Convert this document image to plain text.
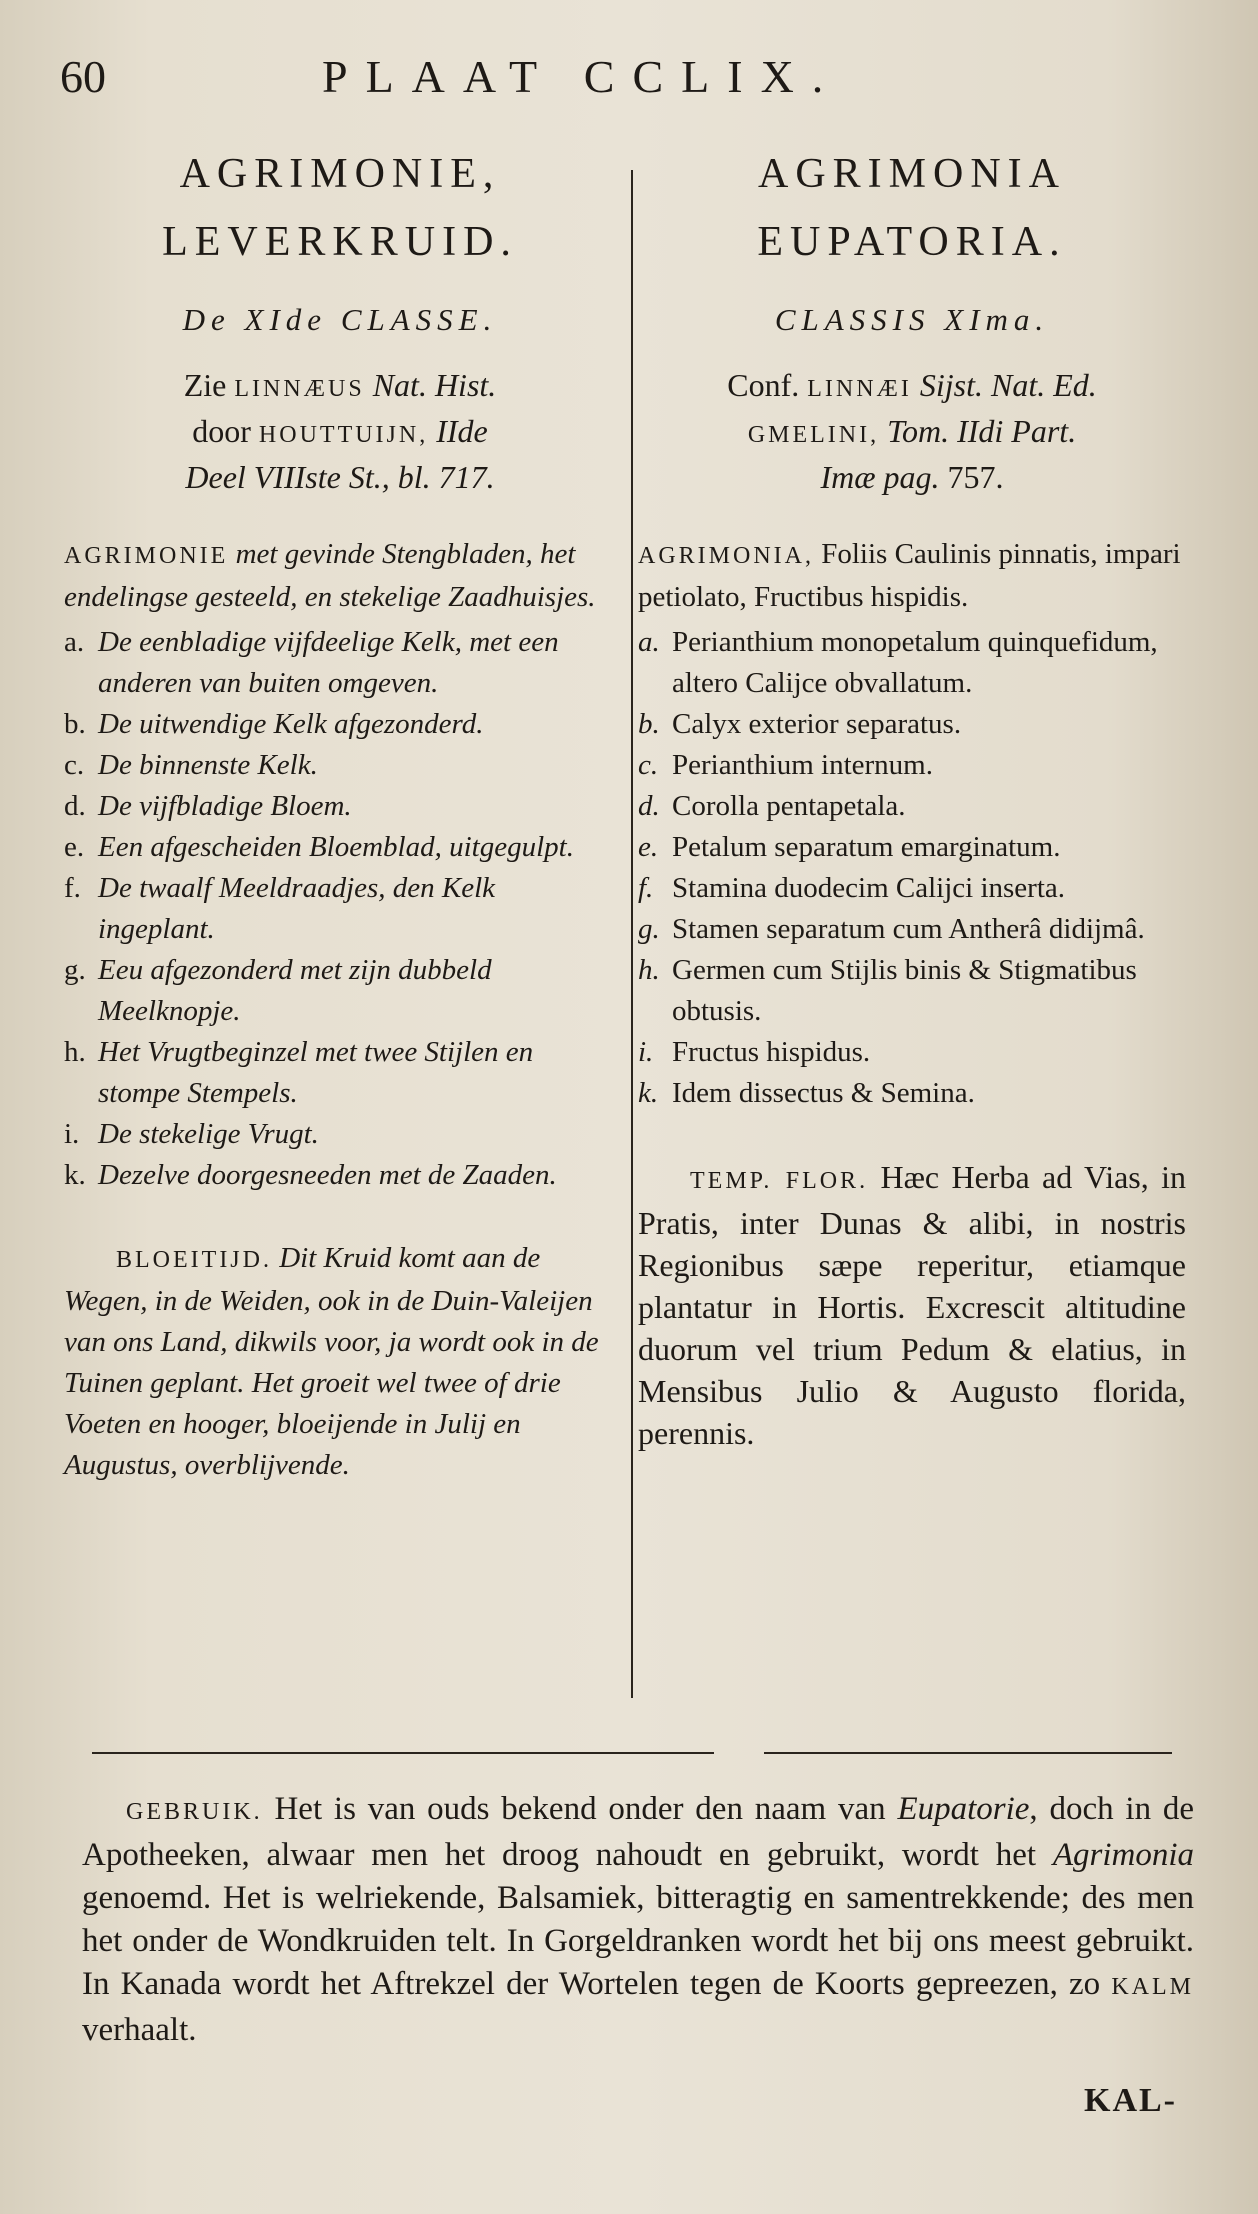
60	PLAAT CCLIX.
AGRIMONIE,
LEVERKRUID.
De XIde CLASSE.
Zie LINNÆUS Nat. Hist.
door HOUTTUIJN, IIde
Deel VIIIste St., bl. 717.
AGRIMONIE met gevinde Stengbladen, het endelingse gesteeld, en stekelige Zaadhuisjes.
a. De eenbladige vijfdeelige Kelk, met een anderen van buiten omgeven.
b. De uitwendige Kelk afgezonderd.
c. De binnenste Kelk.
d. De vijfbladige Bloem.
e. Een afgescheiden Bloemblad, uitgegulpt.
f. De twaalf Meeldraadjes, den Kelk ingeplant.
g. Eeu afgezonderd met zijn dubbeld Meelknopje.
h. Het Vrugtbeginzel met twee Stijlen en stompe Stempels.
i. De stekelige Vrugt.
k. Dezelve doorgesneeden met de Zaaden.
BLOEITIJD. Dit Kruid komt aan de Wegen, in de Weiden, ook in de Duin-Valeijen van ons Land, dikwils voor, ja wordt ook in de Tuinen geplant. Het groeit wel twee of drie Voeten en hooger, bloeijende in Julij en Augustus, overblijvende.
AGRIMONIA
EUPATORIA.
CLASSIS XIma.
Conf. LINNÆI Sijst. Nat. Ed.
GMELINI, Tom. IIdi Part.
Imæ pag. 757.
AGRIMONIA, Foliis Caulinis pinnatis, impari petiolato, Fructibus hispidis.
a. Perianthium monopetalum quinquefidum, altero Calijce obvallatum.
b. Calyx exterior separatus.
c. Perianthium internum.
d. Corolla pentapetala.
e. Petalum separatum emarginatum.
f. Stamina duodecim Calijci inserta.
g. Stamen separatum cum Antherâ didijmâ.
h. Germen cum Stijlis binis & Stigmatibus obtusis.
i. Fructus hispidus.
k. Idem dissectus & Semina.
TEMP. FLOR. Hæc Herba ad Vias, in Pratis, inter Dunas & alibi, in nostris Regionibus sæpe reperitur, etiamque plantatur in Hortis. Excrescit altitudine duorum vel trium Pedum & elatius, in Mensibus Julio & Augusto florida, perennis.
GEBRUIK. Het is van ouds bekend onder den naam van Eupatorie, doch in de Apotheeken, alwaar men het droog nahoudt en gebruikt, wordt het Agrimonia genoemd. Het is welriekende, Balsamiek, bitteragtig en samentrekkende; des men het onder de Wondkruiden telt. In Gorgeldranken wordt het bij ons meest gebruikt. In Kanada wordt het Aftrekzel der Wortelen tegen de Koorts gepreezen, zo KALM verhaalt.
KAL-
